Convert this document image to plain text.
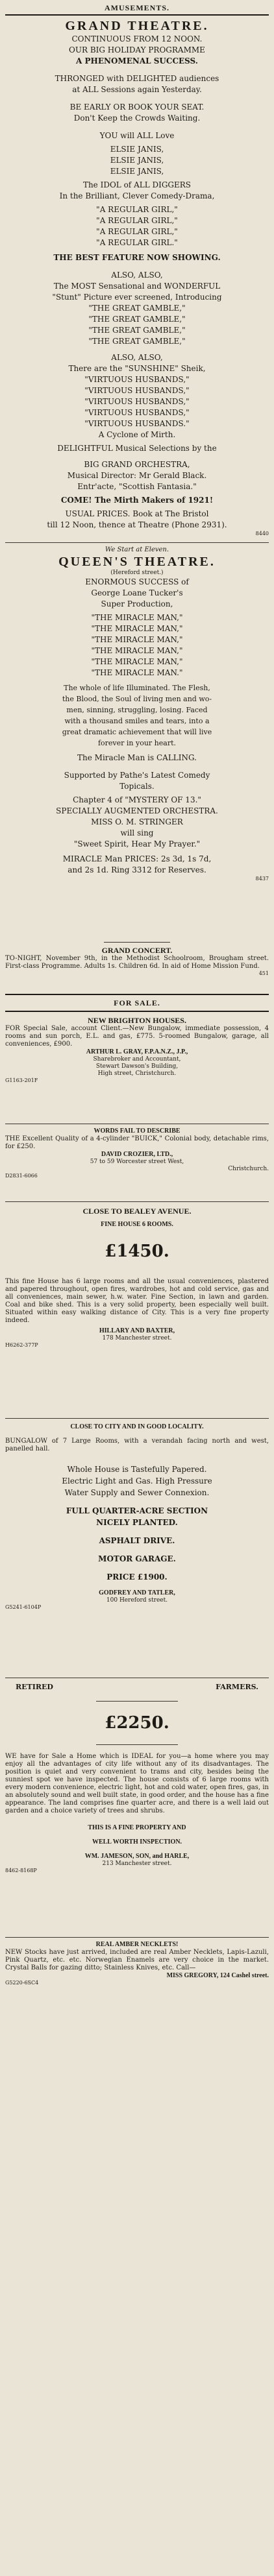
AMUSEMENTS.
GRAND THEATRE.
CONTINUOUS FROM 12 NOON.
OUR BIG HOLIDAY PROGRAMME
A PHENOMENAL SUCCESS.
THRONGED with DELIGHTED audiences
at ALL Sessions again Yesterday.
BE EARLY OR BOOK YOUR SEAT.
Don't Keep the Crowds Waiting.
YOU will ALL Love
ELSIE JANIS,
ELSIE JANIS,
ELSIE JANIS,
The IDOL of ALL DIGGERS
In the Brilliant, Clever Comedy-Drama,
"A REGULAR GIRL,"
"A REGULAR GIRL,"
"A REGULAR GIRL,"
"A REGULAR GIRL."
THE BEST FEATURE NOW SHOWING.
ALSO, ALSO,
The MOST Sensational and WONDERFUL
"Stunt" Picture ever screened, Introducing
"THE GREAT GAMBLE,"
"THE GREAT GAMBLE,"
"THE GREAT GAMBLE,"
"THE GREAT GAMBLE,"
ALSO, ALSO,
There are the "SUNSHINE" Sheik,
"VIRTUOUS HUSBANDS,"
"VIRTUOUS HUSBANDS,"
"VIRTUOUS HUSBANDS,"
"VIRTUOUS HUSBANDS,"
"VIRTUOUS HUSBANDS."
A Cyclone of Mirth.
DELIGHTFUL Musical Selections by the
BIG GRAND ORCHESTRA,
Musical Director: Mr Gerald Black.
Entr'acte, "Scottish Fantasia."
COME! The Mirth Makers of 1921!
USUAL PRICES. Book at The Bristol
till 12 Noon, thence at Theatre (Phone 2931).
8440
We Start at Eleven.
QUEEN'S THEATRE.
(Hereford street.)
ENORMOUS SUCCESS of
George Loane Tucker's
Super Production,
"THE MIRACLE MAN,"
"THE MIRACLE MAN,"
"THE MIRACLE MAN,"
"THE MIRACLE MAN,"
"THE MIRACLE MAN,"
"THE MIRACLE MAN."
The whole of life Illuminated. The Flesh,
the Blood, the Soul of living men and wo-
men, sinning, struggling, losing. Faced
with a thousand smiles and tears, into a
great dramatic achievement that will live
forever in your heart.
The Miracle Man is CALLING.
Supported by Pathe's Latest Comedy
Topicals.
Chapter 4 of "MYSTERY OF 13."
SPECIALLY AUGMENTED ORCHESTRA.
MISS O. M. STRINGER
will sing
"Sweet Spirit, Hear My Prayer."
MIRACLE Man PRICES: 2s 3d, 1s 7d,
and 2s 1d. Ring 3312 for Reserves.
8437
GRAND CONCERT.
TO-NIGHT, November 9th, in the Methodist Schoolroom, Brougham street. First-class Programme. Adults 1s. Children 6d. In aid of Home Mission Fund.
451
FOR SALE.
NEW BRIGHTON HOUSES.
FOR Special Sale, account Client.—New Bungalow, immediate possession, 4 rooms and sun porch, E.L. and gas, £775. 5-roomed Bungalow, garage, all conveniences, £900.
ARTHUR L. GRAY, F.P.A.N.Z., J.P.,
Sharebroker and Accountant,
Stewart Dawson's Building,
High street, Christchurch.
G1163-201F
WORDS FAIL TO DESCRIBE
THE Excellent Quality of a 4-cylinder "BUICK," Colonial body, detachable rims, for £250.
DAVID CROZIER, LTD.,
57 to 59 Worcester street West,
Christchurch.
D2831-6066
CLOSE TO BEALEY AVENUE.
FINE HOUSE 6 ROOMS.
£1450.
This fine House has 6 large rooms and all the usual conveniences, plastered and papered throughout, open fires, wardrobes, hot and cold service, gas and all conveniences, main sewer, h.w. water. Fine Section, in lawn and garden. Coal and bike shed. This is a very solid property, been especially well built. Situated within easy walking distance of City. This is a very fine property indeed.
HILLARY AND BAXTER,
178 Manchester street.
H6262-377P
CLOSE TO CITY AND IN GOOD LOCALITY.
BUNGALOW of 7 Large Rooms, with a verandah facing north and west, panelled hall.
Whole House is Tastefully Papered.
Electric Light and Gas. High Pressure
Water Supply and Sewer Connexion.
FULL QUARTER-ACRE SECTION
NICELY PLANTED.
ASPHALT DRIVE.
MOTOR GARAGE.
PRICE £1900.
GODFREY AND TATLER,
100 Hereford street.
G5241-6104P
RETIRED	FARMERS.
£2250.
WE have for Sale a Home which is IDEAL for you—a home where you may enjoy all the advantages of city life without any of its disadvantages. The position is quiet and very convenient to trams and city, besides being the sunniest spot we have inspected. The house consists of 6 large rooms with every modern convenience, electric light, hot and cold water, open fires, gas, in an absolutely sound and well built state, in good order, and the house has a fine appearance. The land comprises fine quarter acre, and there is a well laid out garden and a choice variety of trees and shrubs.
THIS IS A FINE PROPERTY AND
WELL WORTH INSPECTION.
WM. JAMESON, SON, and HARLE,
213 Manchester street.
8462-8168P
REAL AMBER NECKLETS!
NEW Stocks have just arrived, included are real Amber Necklets, Lapis-Lazuli, Pink Quartz, etc. etc. Norwegian Enamels are very choice in the market. Crystal Balls for gazing ditto; Stainless Knives, etc. Call—
MISS GREGORY, 124 Cashel street.
G5220-6SC4
